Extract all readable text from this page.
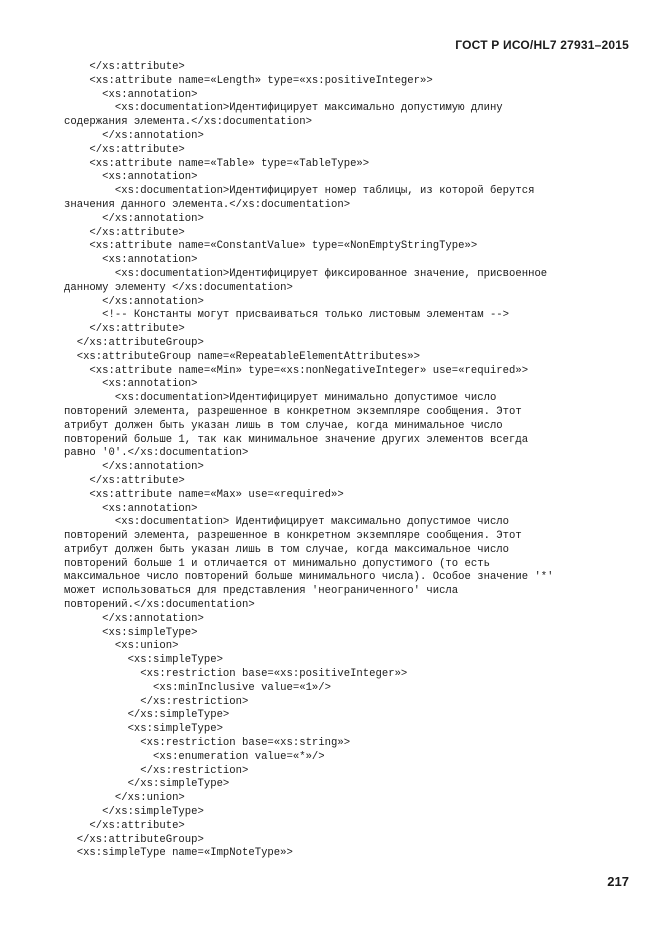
ГОСТ Р ИСО/HL7 27931–2015
</xs:attribute>
<xs:attribute name=«Length» type=«xs:positiveInteger»>
<xs:annotation>
<xs:documentation>Идентифицирует максимально допустимую длину
содержания элемента.</xs:documentation>
</xs:annotation>
</xs:attribute>
<xs:attribute name=«Table» type=«TableType»>
<xs:annotation>
<xs:documentation>Идентифицирует номер таблицы, из которой берутся
значения данного элемента.</xs:documentation>
</xs:annotation>
</xs:attribute>
<xs:attribute name=«ConstantValue» type=«NonEmptyStringType»>
<xs:annotation>
<xs:documentation>Идентифицирует фиксированное значение, присвоенное
данному элементу </xs:documentation>
</xs:annotation>
<!-- Константы могут присваиваться только листовым элементам -->
</xs:attribute>
</xs:attributeGroup>
<xs:attributeGroup name=«RepeatableElementAttributes»>
<xs:attribute name=«Min» type=«xs:nonNegativeInteger» use=«required»>
<xs:annotation>
<xs:documentation>Идентифицирует минимально допустимое число
повторений элемента, разрешенное в конкретном экземпляре сообщения. Этот
атрибут должен быть указан лишь в том случае, когда минимальное число
повторений больше 1, так как минимальное значение других элементов всегда
равно '0'.</xs:documentation>
</xs:annotation>
</xs:attribute>
<xs:attribute name=«Max» use=«required»>
<xs:annotation>
<xs:documentation> Идентифицирует максимально допустимое число
повторений элемента, разрешенное в конкретном экземпляре сообщения. Этот
атрибут должен быть указан лишь в том случае, когда максимальное число
повторений больше 1 и отличается от минимально допустимого (то есть
максимальное число повторений больше минимального числа). Особое значение '*'
может использоваться для представления 'неограниченного' числа
повторений.</xs:documentation>
</xs:annotation>
<xs:simpleType>
<xs:union>
<xs:simpleType>
<xs:restriction base=«xs:positiveInteger»>
<xs:minInclusive value=«1»/>
</xs:restriction>
</xs:simpleType>
<xs:simpleType>
<xs:restriction base=«xs:string»>
<xs:enumeration value=«*»/>
</xs:restriction>
</xs:simpleType>
</xs:union>
</xs:simpleType>
</xs:attribute>
</xs:attributeGroup>
<xs:simpleType name=«ImpNoteType»>
217
